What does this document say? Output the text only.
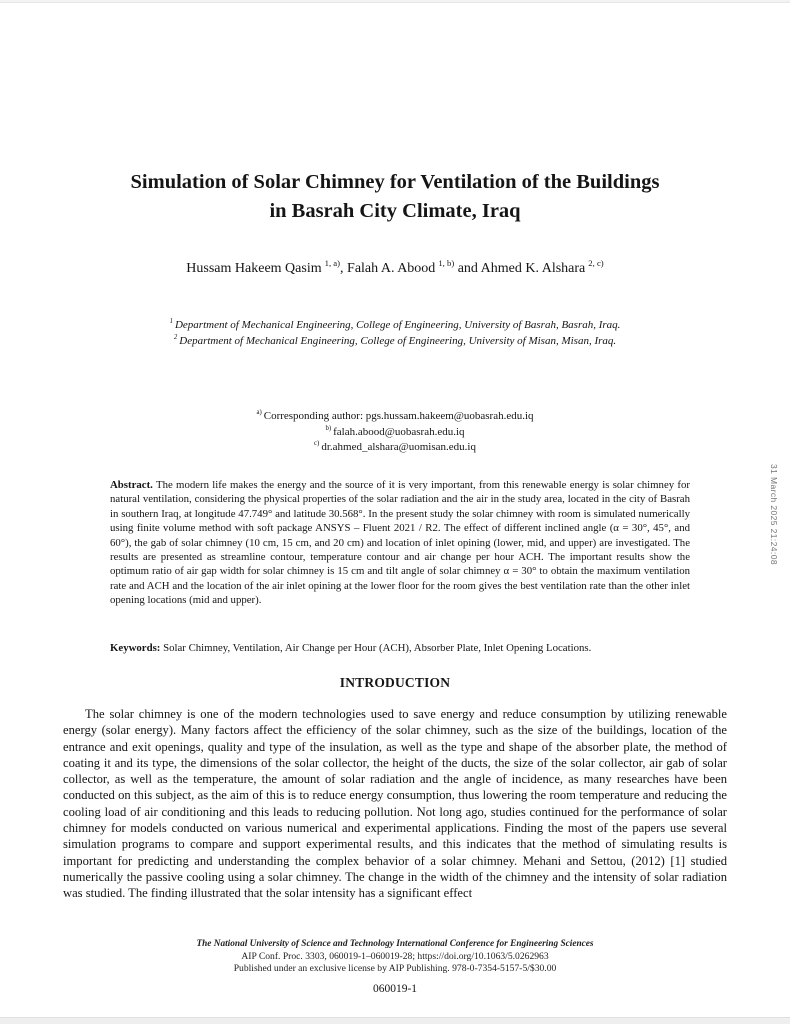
Simulation of Solar Chimney for Ventilation of the Buildings
in Basrah City Climate, Iraq

Hussam Hakeem Qasim $^{1, a)}$, Falah A. Abood $^{1, b)}$ and Ahmed K. Alshara $^{2, c)}$

$^1$ Department of Mechanical Engineering, College of Engineering, University of Basrah, Basrah, Iraq.
$^2$ Department of Mechanical Engineering, College of Engineering, University of Misan, Misan, Iraq.
$^{a)}$ Corresponding author: pgs.hussam.hakeem@uobasrah.edu.iq
$^{b)}$ falah.abood@uobasrah.edu.iq
$^{c)}$ dr.ahmed_alshara@uomisan.edu.iq

Abstract. The modern life makes the energy and the source of it is very important, from this renewable energy is solar chimney for natural ventilation, considering the physical properties of the solar radiation and the air in the study area, located in the city of Basrah in southern Iraq, at longitude 47.749° and latitude 30.568°. In the present study the solar chimney with room is simulated numerically using finite volume method with soft package ANSYS – Fluent 2021 / R2. The effect of different inclined angle (α = 30°, 45°, and 60°), the gab of solar chimney (10 cm, 15 cm, and 20 cm) and location of inlet opining (lower, mid, and upper) are investigated. The results are presented as streamline contour, temperature contour and air change per hour ACH. The important results show the optimum ratio of air gap width for solar chimney is 15 cm and tilt angle of solar chimney α = 30° to obtain the maximum ventilation rate and ACH and the location of the air inlet opining at the lower floor for the room gives the best ventilation rate than the other inlet opening locations (mid and upper).

Keywords: Solar Chimney, Ventilation, Air Change per Hour (ACH), Absorber Plate, Inlet Opening Locations.

INTRODUCTION

The solar chimney is one of the modern technologies used to save energy and reduce consumption by utilizing renewable energy (solar energy). Many factors affect the efficiency of the solar chimney, such as the size of the buildings, location of the entrance and exit openings, quality and type of the insulation, as well as the type and shape of the absorber plate, the method of coating it and its type, the dimensions of the solar collector, the height of the ducts, the size of the solar collector, air gab of solar collector, as well as the temperature, the amount of solar radiation and the angle of incidence, as many researches have been conducted on this subject, as the aim of this is to reduce energy consumption, thus lowering the room temperature and reducing the cooling load of air conditioning and this leads to reducing pollution. Not long ago, studies continued for the performance of solar chimney for models conducted on various numerical and experimental applications. Finding the most of the papers use several simulation programs to compare and support experimental results, and this indicates that the method of simulating results is important for predicting and understanding the complex behavior of a solar chimney. Mehani and Settou, (2012) [1] studied numerically the passive cooling using a solar chimney. The change in the width of the chimney and the intensity of solar radiation was studied. The finding illustrated that the solar intensity has a significant effect

The National University of Science and Technology International Conference for Engineering Sciences
AIP Conf. Proc. 3303, 060019-1–060019-28; https://doi.org/10.1063/5.0262963
Published under an exclusive license by AIP Publishing. 978-0-7354-5157-5/$30.00
060019-1
31 March 2025 21:24:08
